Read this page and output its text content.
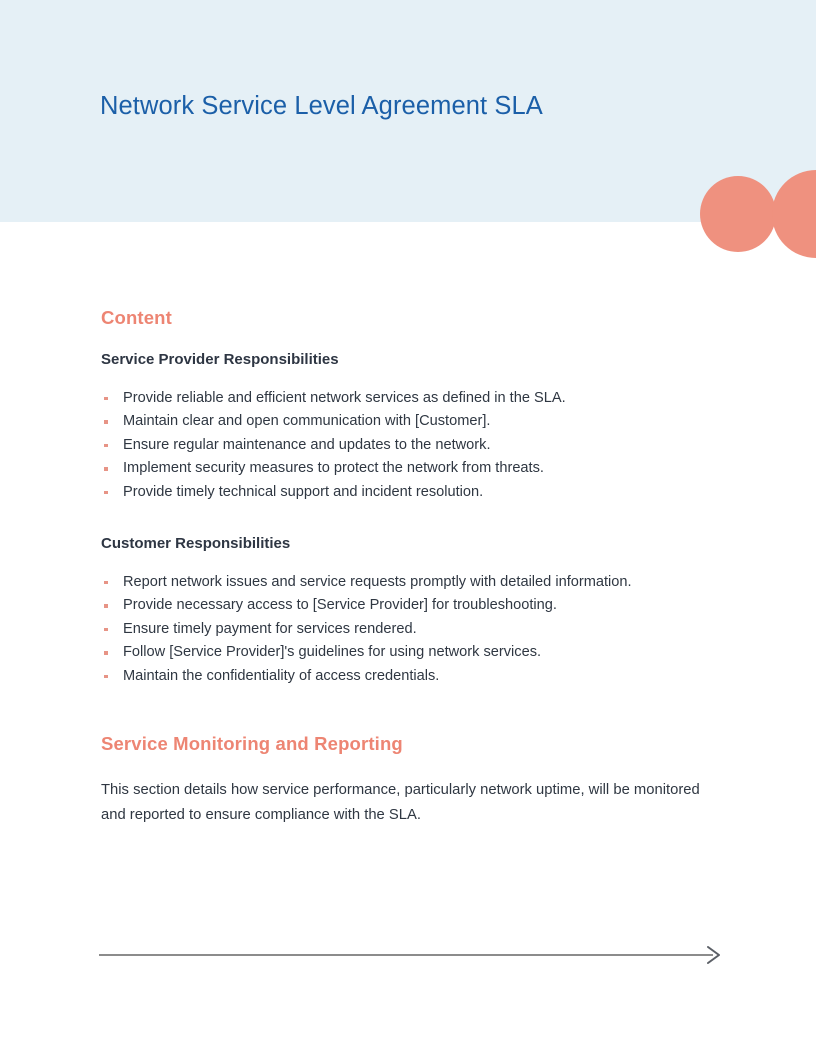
Network Service Level Agreement SLA
Content
Service Provider Responsibilities
Provide reliable and efficient network services as defined in the SLA.
Maintain clear and open communication with [Customer].
Ensure regular maintenance and updates to the network.
Implement security measures to protect the network from threats.
Provide timely technical support and incident resolution.
Customer Responsibilities
Report network issues and service requests promptly with detailed information.
Provide necessary access to [Service Provider] for troubleshooting.
Ensure timely payment for services rendered.
Follow [Service Provider]'s guidelines for using network services.
Maintain the confidentiality of access credentials.
Service Monitoring and Reporting

This section details how service performance, particularly network uptime, will be monitored and reported to ensure compliance with the SLA.
